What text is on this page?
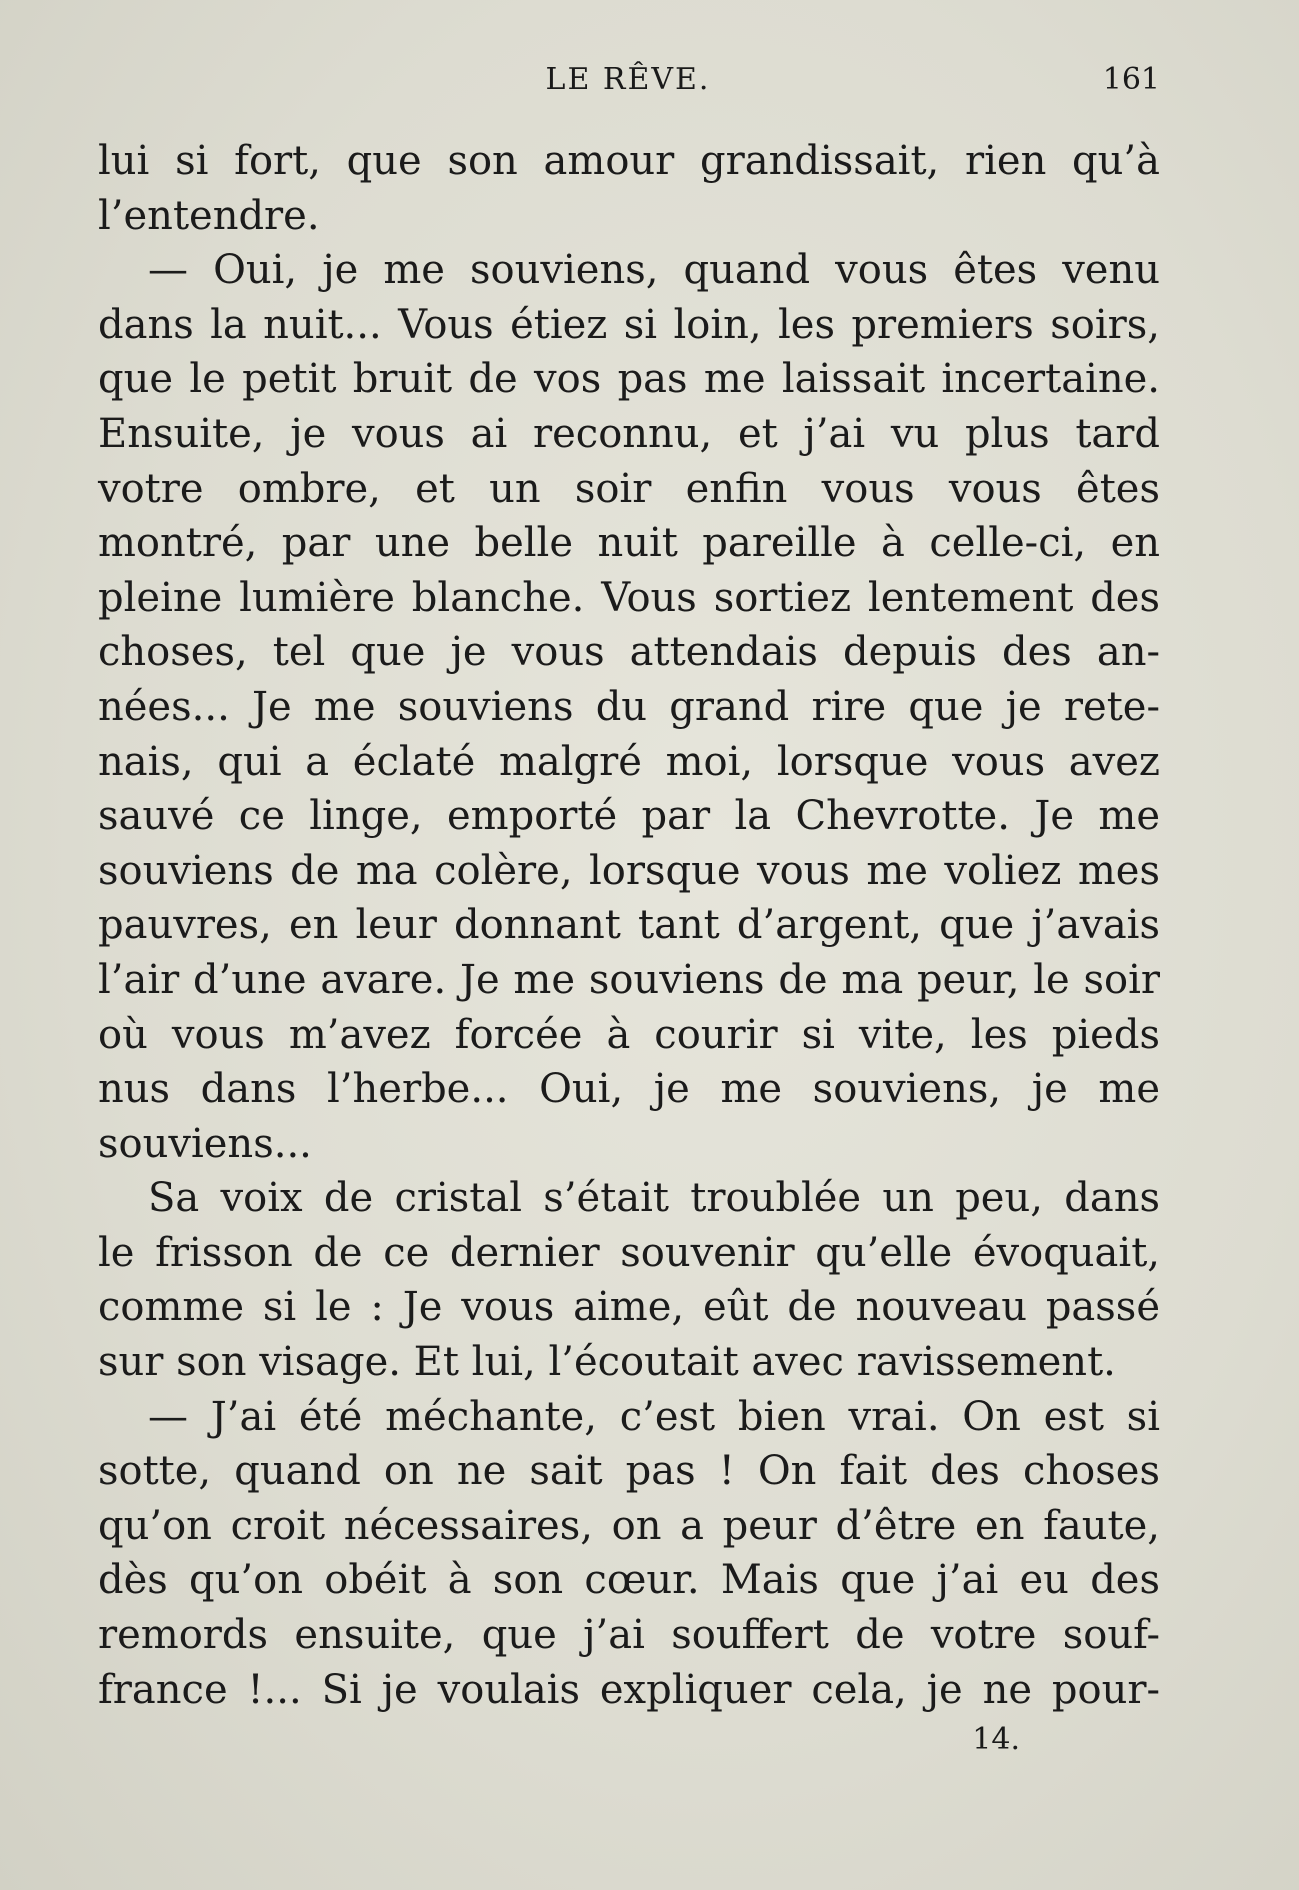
LE RÊVE.	161
lui si fort, que son amour grandissait, rien qu’à
l’entendre.
— Oui, je me souviens, quand vous êtes venu
dans la nuit... Vous étiez si loin, les premiers soirs,
que le petit bruit de vos pas me laissait incertaine.
Ensuite, je vous ai reconnu, et j’ai vu plus tard
votre ombre, et un soir enfin vous vous êtes
montré, par une belle nuit pareille à celle-ci, en
pleine lumière blanche. Vous sortiez lentement des
choses, tel que je vous attendais depuis des an-
nées... Je me souviens du grand rire que je rete-
nais, qui a éclaté malgré moi, lorsque vous avez
sauvé ce linge, emporté par la Chevrotte. Je me
souviens de ma colère, lorsque vous me voliez mes
pauvres, en leur donnant tant d’argent, que j’avais
l’air d’une avare. Je me souviens de ma peur, le soir
où vous m’avez forcée à courir si vite, les pieds
nus dans l’herbe... Oui, je me souviens, je me
souviens...
Sa voix de cristal s’était troublée un peu, dans
le frisson de ce dernier souvenir qu’elle évoquait,
comme si le : Je vous aime, eût de nouveau passé
sur son visage. Et lui, l’écoutait avec ravissement.
— J’ai été méchante, c’est bien vrai. On est si
sotte, quand on ne sait pas ! On fait des choses
qu’on croit nécessaires, on a peur d’être en faute,
dès qu’on obéit à son cœur. Mais que j’ai eu des
remords ensuite, que j’ai souffert de votre souf-
france !... Si je voulais expliquer cela, je ne pour-
14.
